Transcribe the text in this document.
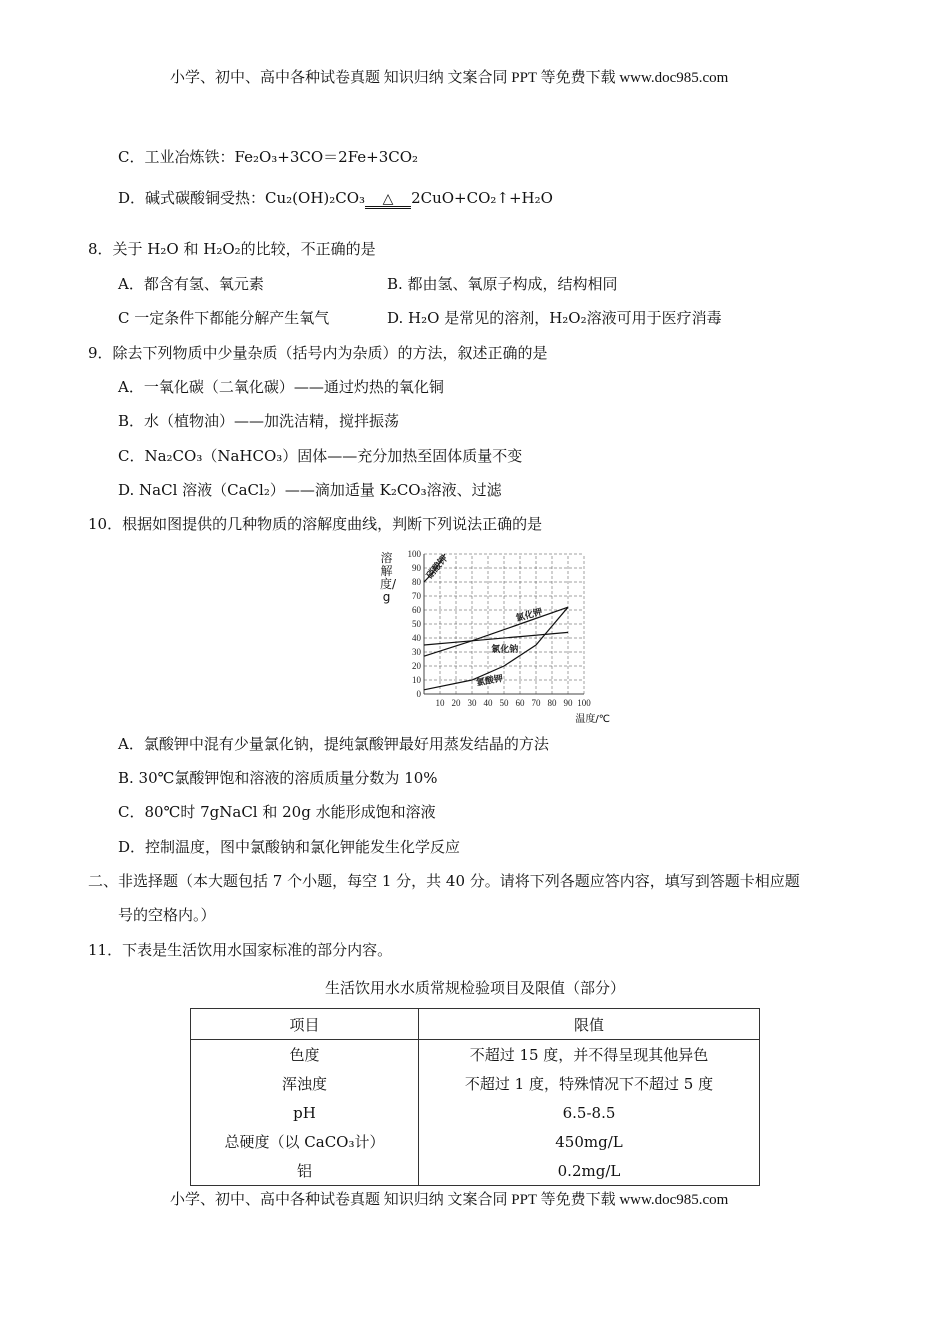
小学、初中、高中各种试卷真题 知识归纳 文案合同 PPT 等免费下载 www.doc985.com
C．工业冶炼铁：Fe₂O₃+3CO＝2Fe+3CO₂
D．碱式碳酸铜受热：Cu₂(OH)₂CO₃ △ 2CuO+CO₂↑+H₂O
8．关于 H₂O 和 H₂O₂的比较，不正确的是
A．都含有氢、氧元素	B. 都由氢、氧原子构成，结构相同
C 一定条件下都能分解产生氧气	D. H₂O 是常见的溶剂，H₂O₂溶液可用于医疗消毒
9．除去下列物质中少量杂质（括号内为杂质）的方法，叙述正确的是
A．一氧化碳（二氧化碳）——通过灼热的氧化铜
B．水（植物油）——加洗洁精，搅拌振荡
C．Na₂CO₃（NaHCO₃）固体——充分加热至固体质量不变
D. NaCl 溶液（CaCl₂）——滴加适量 K₂CO₃溶液、过滤
10．根据如图提供的几种物质的溶解度曲线，判断下列说法正确的是
溶解度/g
0
10
20
30
40
50
60
70
80
90
100
10 20 30 40 50 60 70 80 90 100
硝酸钾
氯化钾
氯化钠
氯酸钾
温度/℃
A．氯酸钾中混有少量氯化钠，提纯氯酸钾最好用蒸发结晶的方法
B. 30℃氯酸钾饱和溶液的溶质质量分数为 10%
C．80℃时 7gNaCl 和 20g 水能形成饱和溶液
D．控制温度，图中氯酸钠和氯化钾能发生化学反应
二、非选择题（本大题包括 7 个小题，每空 1 分，共 40 分。请将下列各题应答内容，填写到答题卡相应题
号的空格内。）
11．下表是生活饮用水国家标准的部分内容。
生活饮用水水质常规检验项目及限值（部分）
项目	限值
色度	不超过 15 度，并不得呈现其他异色
浑浊度	不超过 1 度，特殊情况下不超过 5 度
pH	6.5-8.5
总硬度（以 CaCO₃计）	450mg/L
铝	0.2mg/L
小学、初中、高中各种试卷真题 知识归纳 文案合同 PPT 等免费下载 www.doc985.com
